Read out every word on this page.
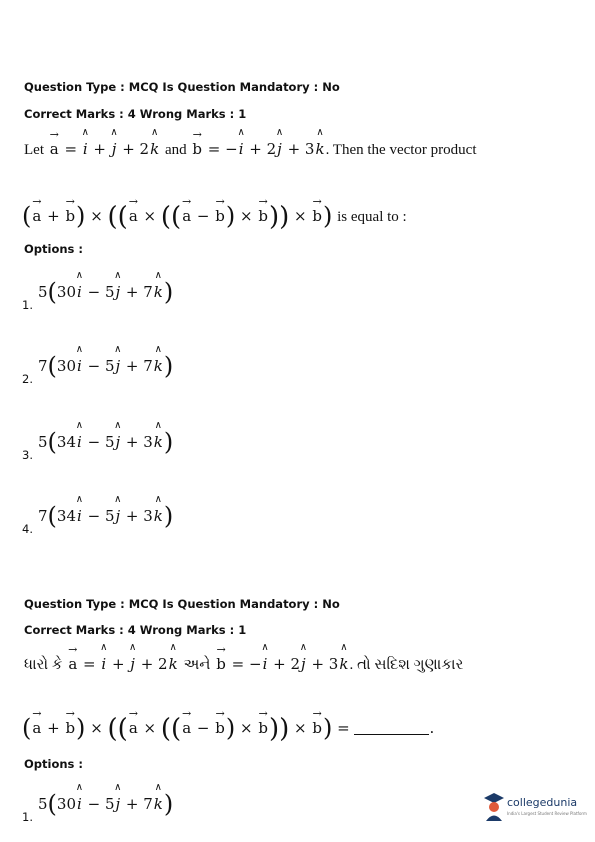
Question Type : MCQ Is Question Mandatory : No
Correct Marks : 4 Wrong Marks : 1
Let → a = ∧ i + ∧ j + 2∧ k and → b = −∧ i + 2∧ j + 3∧ k. Then the vector product
(→ a + → b) × ((→ a × ((→ a − → b) × → b)) × → b) is equal to :
Options :
1.
5(30∧ i − 5∧ j + 7∧ k)
2.
7(30∧ i − 5∧ j + 7∧ k)
3.
5(34∧ i − 5∧ j + 3∧ k)
4.
7(34∧ i − 5∧ j + 3∧ k)
Question Type : MCQ Is Question Mandatory : No
Correct Marks : 4 Wrong Marks : 1
ધારો કે → a = ∧ i + ∧ j + 2∧ k અને → b = −∧ i + 2∧ j + 3∧ k. તો સદિશ ગુણાકાર
(→ a + → b) × ((→ a × ((→ a − → b) × → b)) × → b) =	.
Options :
1.
5(30∧ i − 5∧ j + 7∧ k)	collegedunia
India's Largest Student Review Platform
